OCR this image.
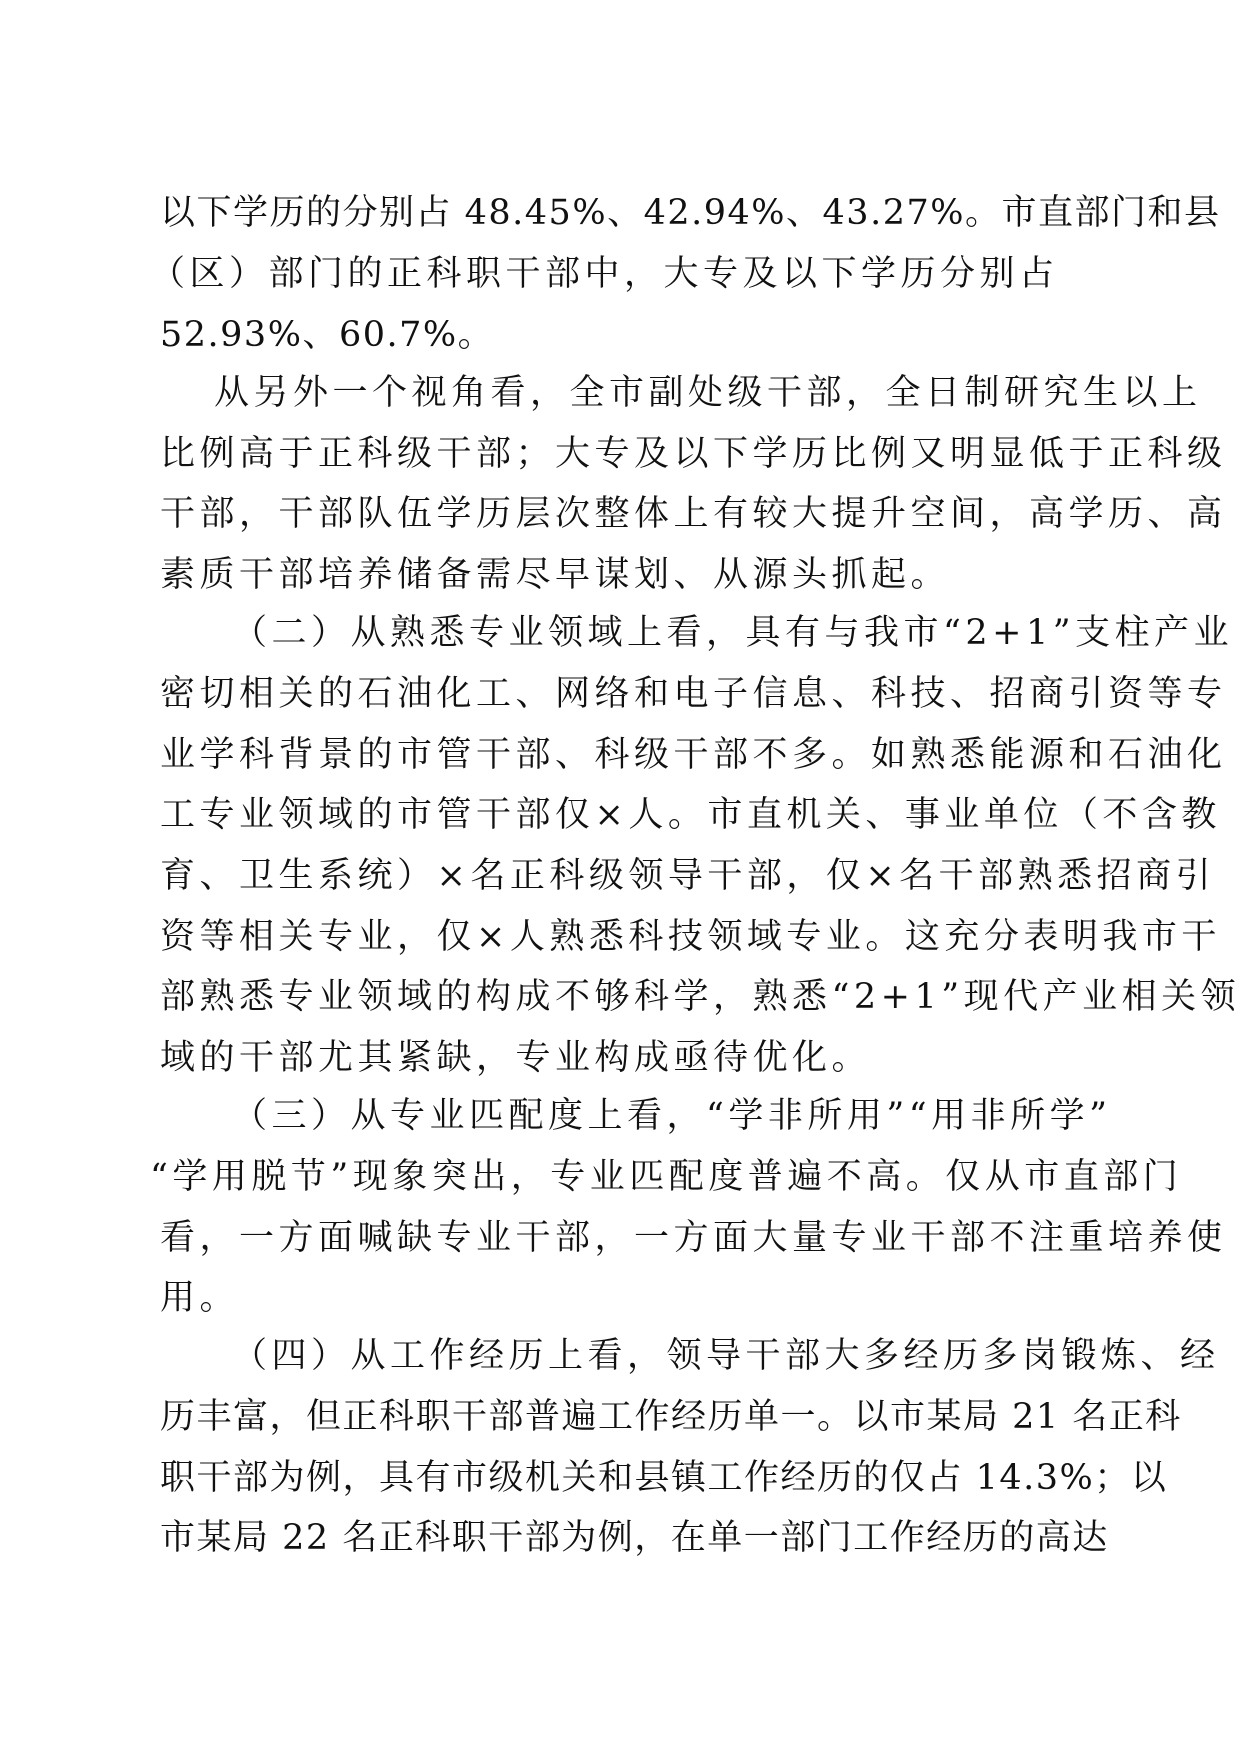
以下学历的分别占 48.45%、42.94%、43.27%。市直部门和县
（区）部门的正科职干部中，大专及以下学历分别占
52.93%、60.7%。
从另外一个视角看，全市副处级干部，全日制研究生以上
比例高于正科级干部；大专及以下学历比例又明显低于正科级
干部，干部队伍学历层次整体上有较大提升空间，高学历、高
素质干部培养储备需尽早谋划、从源头抓起。
（二）从熟悉专业领域上看，具有与我市“2+1”支柱产业
密切相关的石油化工、网络和电子信息、科技、招商引资等专
业学科背景的市管干部、科级干部不多。如熟悉能源和石油化
工专业领域的市管干部仅×人。市直机关、事业单位（不含教
育、卫生系统）×名正科级领导干部，仅×名干部熟悉招商引
资等相关专业，仅×人熟悉科技领域专业。这充分表明我市干
部熟悉专业领域的构成不够科学，熟悉“2+1”现代产业相关领
域的干部尤其紧缺，专业构成亟待优化。
（三）从专业匹配度上看，“学非所用”“用非所学”
“学用脱节”现象突出，专业匹配度普遍不高。仅从市直部门
看，一方面喊缺专业干部，一方面大量专业干部不注重培养使
用。
（四）从工作经历上看，领导干部大多经历多岗锻炼、经
历丰富，但正科职干部普遍工作经历单一。以市某局 21 名正科
职干部为例，具有市级机关和县镇工作经历的仅占 14.3%；以
市某局 22 名正科职干部为例，在单一部门工作经历的高达
